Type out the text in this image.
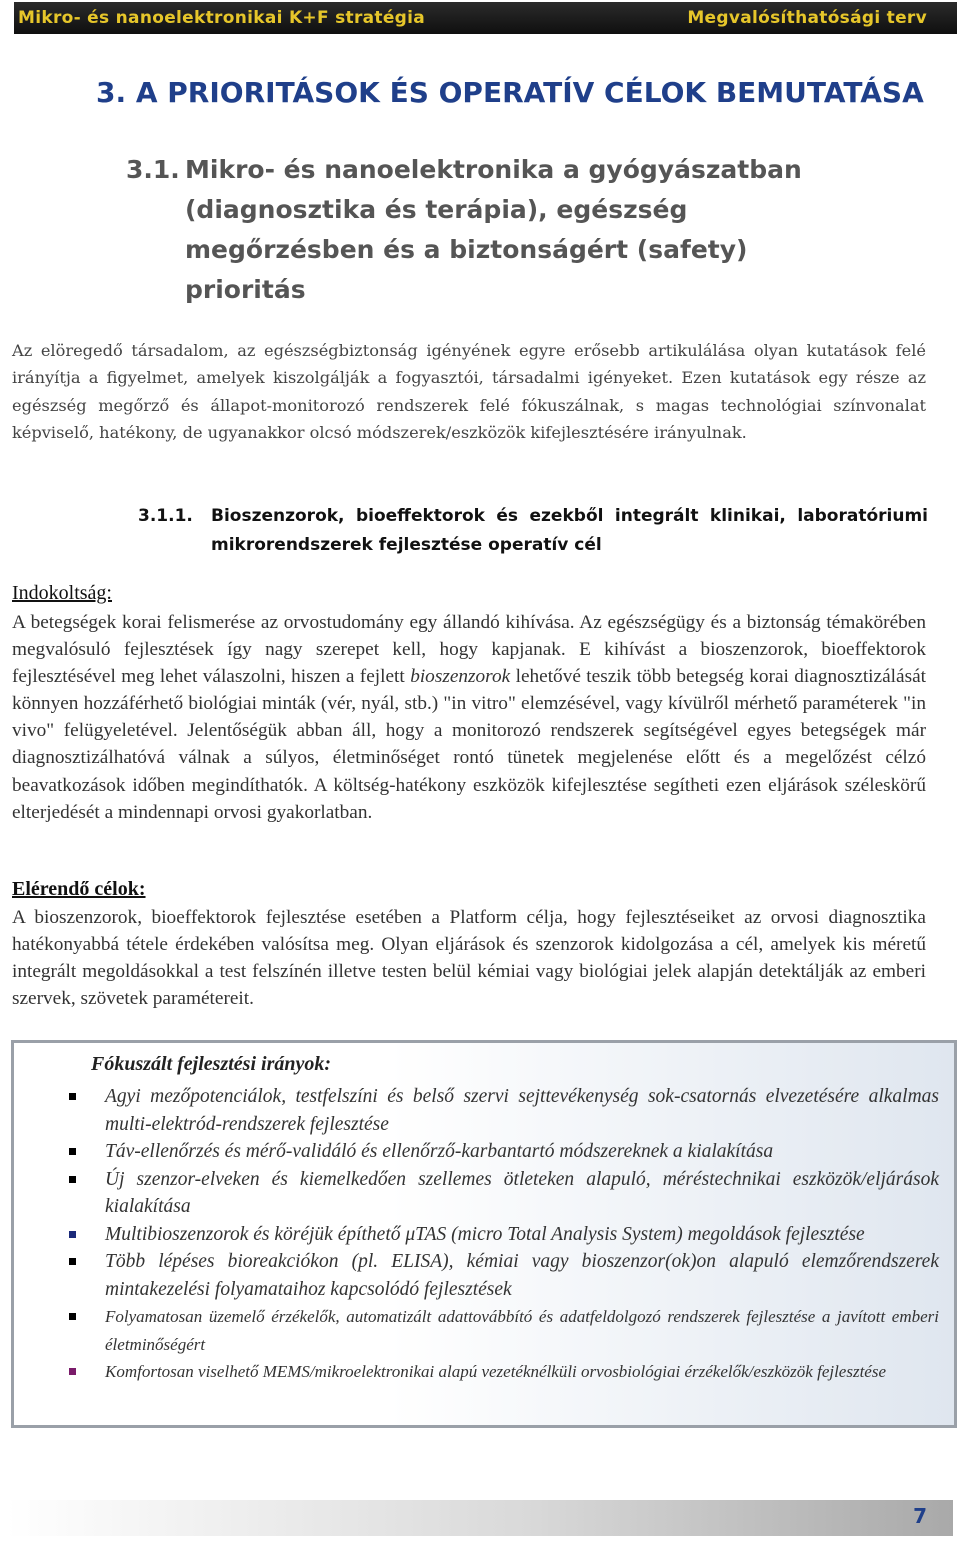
Mikro- és nanoelektronikai K+F stratégia	Megvalósíthatósági terv
3. A PRIORITÁSOK ÉS OPERATÍV CÉLOK BEMUTATÁSA
3.1. Mikro- és nanoelektronika a gyógyászatban (diagnosztika és terápia), egészség megőrzésben és a biztonságért (safety) prioritás

Az elöregedő társadalom, az egészségbiztonság igényének egyre erősebb artikulálása olyan kutatások felé irányítja a figyelmet, amelyek kiszolgálják a fogyasztói, társadalmi igényeket. Ezen kutatások egy része az egészség megőrző és állapot-monitorozó rendszerek felé fókuszálnak, s magas technológiai színvonalat képviselő, hatékony, de ugyanakkor olcsó módszerek/eszközök kifejlesztésére irányulnak.

3.1.1.	Bioszenzorok, bioeffektorok és ezekből integrált klinikai, laboratóriumi mikrorendszerek fejlesztése operatív cél

Indokoltság:

A betegségek korai felismerése az orvostudomány egy állandó kihívása. Az egészségügy és a biztonság témakörében megvalósuló fejlesztések így nagy szerepet kell, hogy kapjanak. E kihívást a bioszenzorok, bioeffektorok fejlesztésével meg lehet válaszolni, hiszen a fejlett bioszenzorok lehetővé teszik több betegség korai diagnosztizálását könnyen hozzáférhető biológiai minták (vér, nyál, stb.) "in vitro" elemzésével, vagy kívülről mérhető paraméterek "in vivo" felügyeletével. Jelentőségük abban áll, hogy a monitorozó rendszerek segítségével egyes betegségek már diagnosztizálhatóvá válnak a súlyos, életminőséget rontó tünetek megjelenése előtt és a megelőzést célzó beavatkozások időben megindíthatók. A költség-hatékony eszközök kifejlesztése segítheti ezen eljárások széleskörű elterjedését a mindennapi orvosi gyakorlatban.

Elérendő célok:

A bioszenzorok, bioeffektorok fejlesztése esetében a Platform célja, hogy fejlesztéseiket az orvosi diagnosztika hatékonyabbá tétele érdekében valósítsa meg. Olyan eljárások és szenzorok kidolgozása a cél, amelyek kis méretű integrált megoldásokkal a test felszínén illetve testen belül kémiai vagy biológiai jelek alapján detektálják az emberi szervek, szövetek paramétereit.

Fókuszált fejlesztési irányok:

Agyi mezőpotenciálok, testfelszíni és belső szervi sejttevékenység sok-csatornás elvezetésére alkalmas multi-elektród-rendszerek fejlesztése
Táv-ellenőrzés és mérő-validáló és ellenőrző-karbantartó módszereknek a kialakítása
Új szenzor-elveken és kiemelkedően szellemes ötleteken alapuló, méréstechnikai eszközök/eljárások kialakítása
Multibioszenzorok és köréjük építhető μTAS (micro Total Analysis System) megoldások fejlesztése
Több lépéses bioreakciókon (pl. ELISA), kémiai vagy bioszenzor(ok)on alapuló elemzőrendszerek mintakezelési folyamataihoz kapcsolódó fejlesztések
Folyamatosan üzemelő érzékelők, automatizált adattovábbító és adatfeldolgozó rendszerek fejlesztése a javított emberi életminőségért
Komfortosan viselhető MEMS/mikroelektronikai alapú vezetéknélküli orvosbiológiai érzékelők/eszközök fejlesztése
7
